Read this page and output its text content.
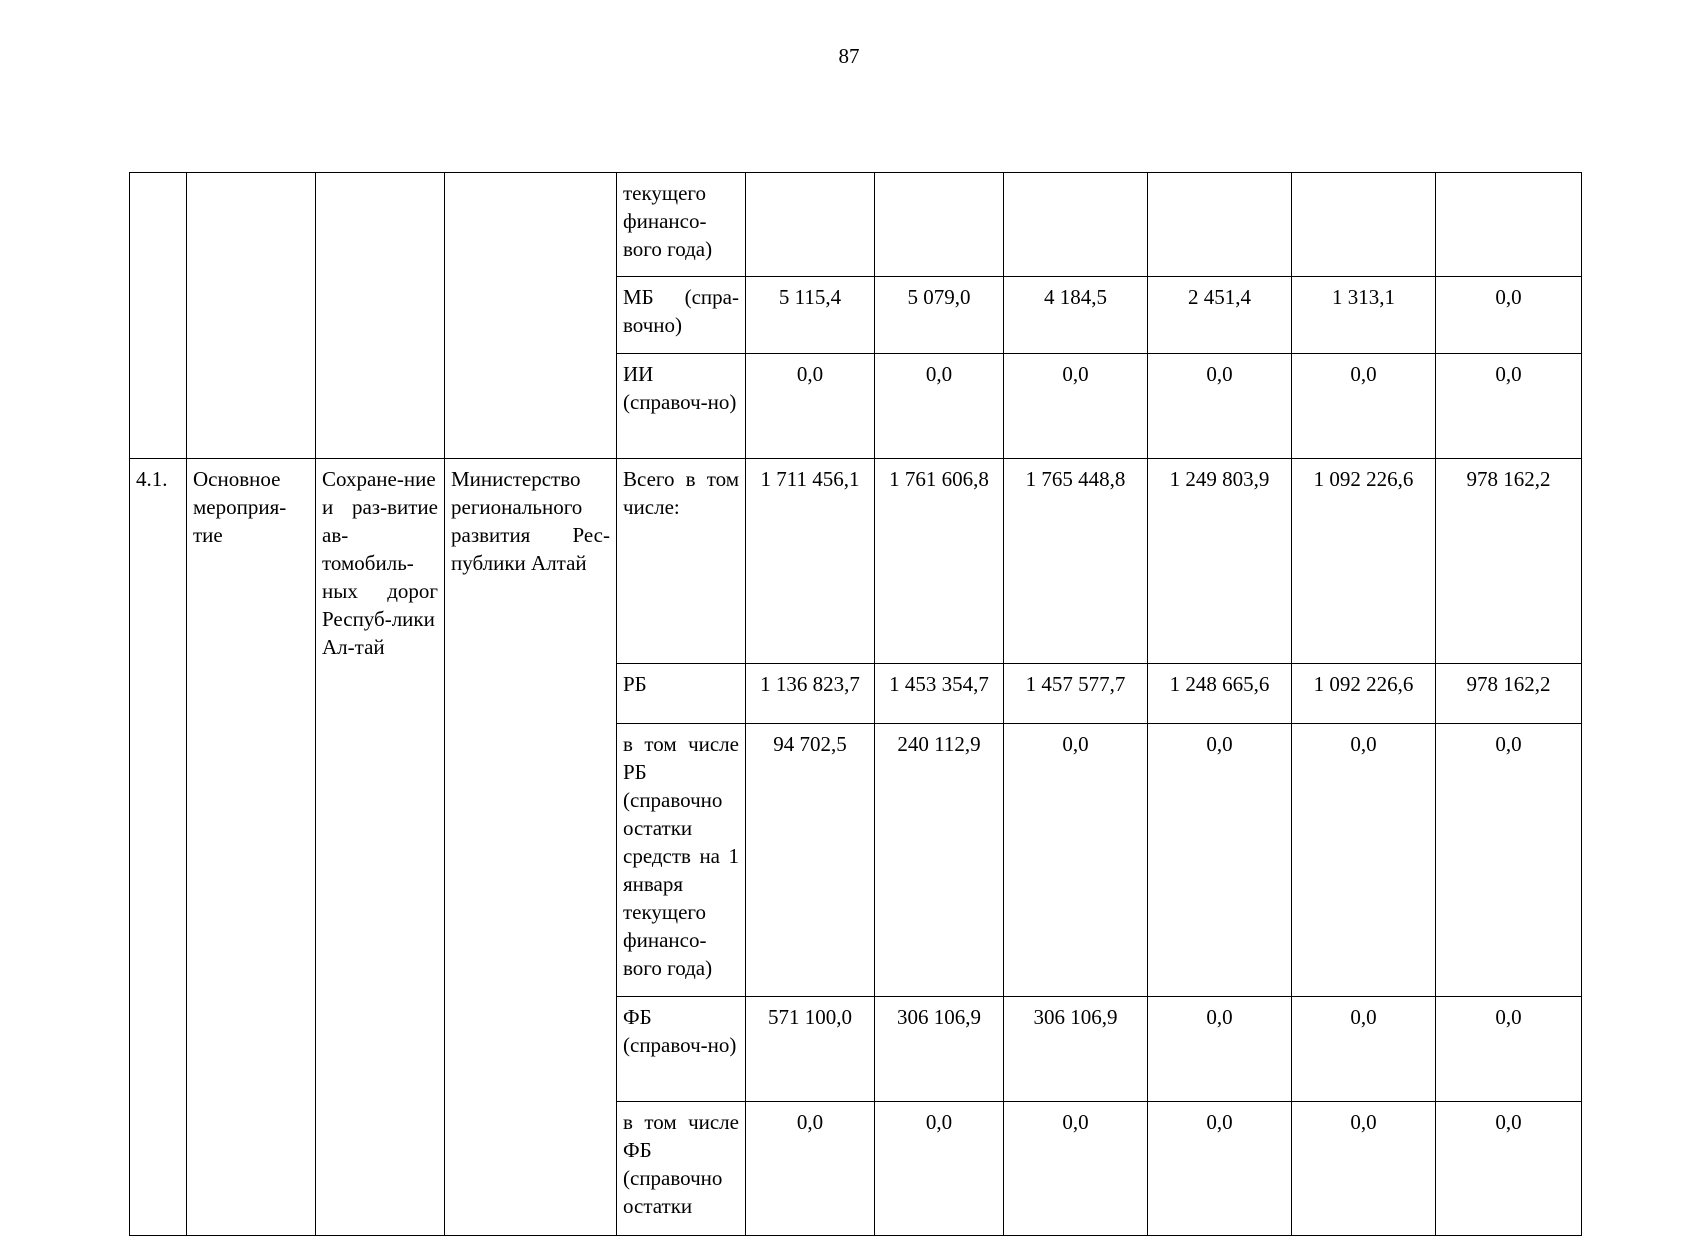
87
				текущего финансо-вого года)						
				МБ (спра-вочно)	5 115,4	5 079,0	4 184,5	2 451,4	1 313,1	0,0
				ИИ (справоч-но)	0,0	0,0	0,0	0,0	0,0	0,0
4.1.	Основное мероприя-тие	Сохране-ние и раз-витие ав-томобиль-ных дорог Респуб-лики Ал-тай	Министерство регионального развития Рес-публики Алтай	Всего в том числе:	1 711 456,1	1 761 606,8	1 765 448,8	1 249 803,9	1 092 226,6	978 162,2
				РБ	1 136 823,7	1 453 354,7	1 457 577,7	1 248 665,6	1 092 226,6	978 162,2
				в том числе РБ (справочно остатки средств на 1 января текущего финансо-вого года)	94 702,5	240 112,9	0,0	0,0	0,0	0,0
				ФБ (справоч-но)	571 100,0	306 106,9	306 106,9	0,0	0,0	0,0
				в том числе ФБ (справочно остатки	0,0	0,0	0,0	0,0	0,0	0,0
